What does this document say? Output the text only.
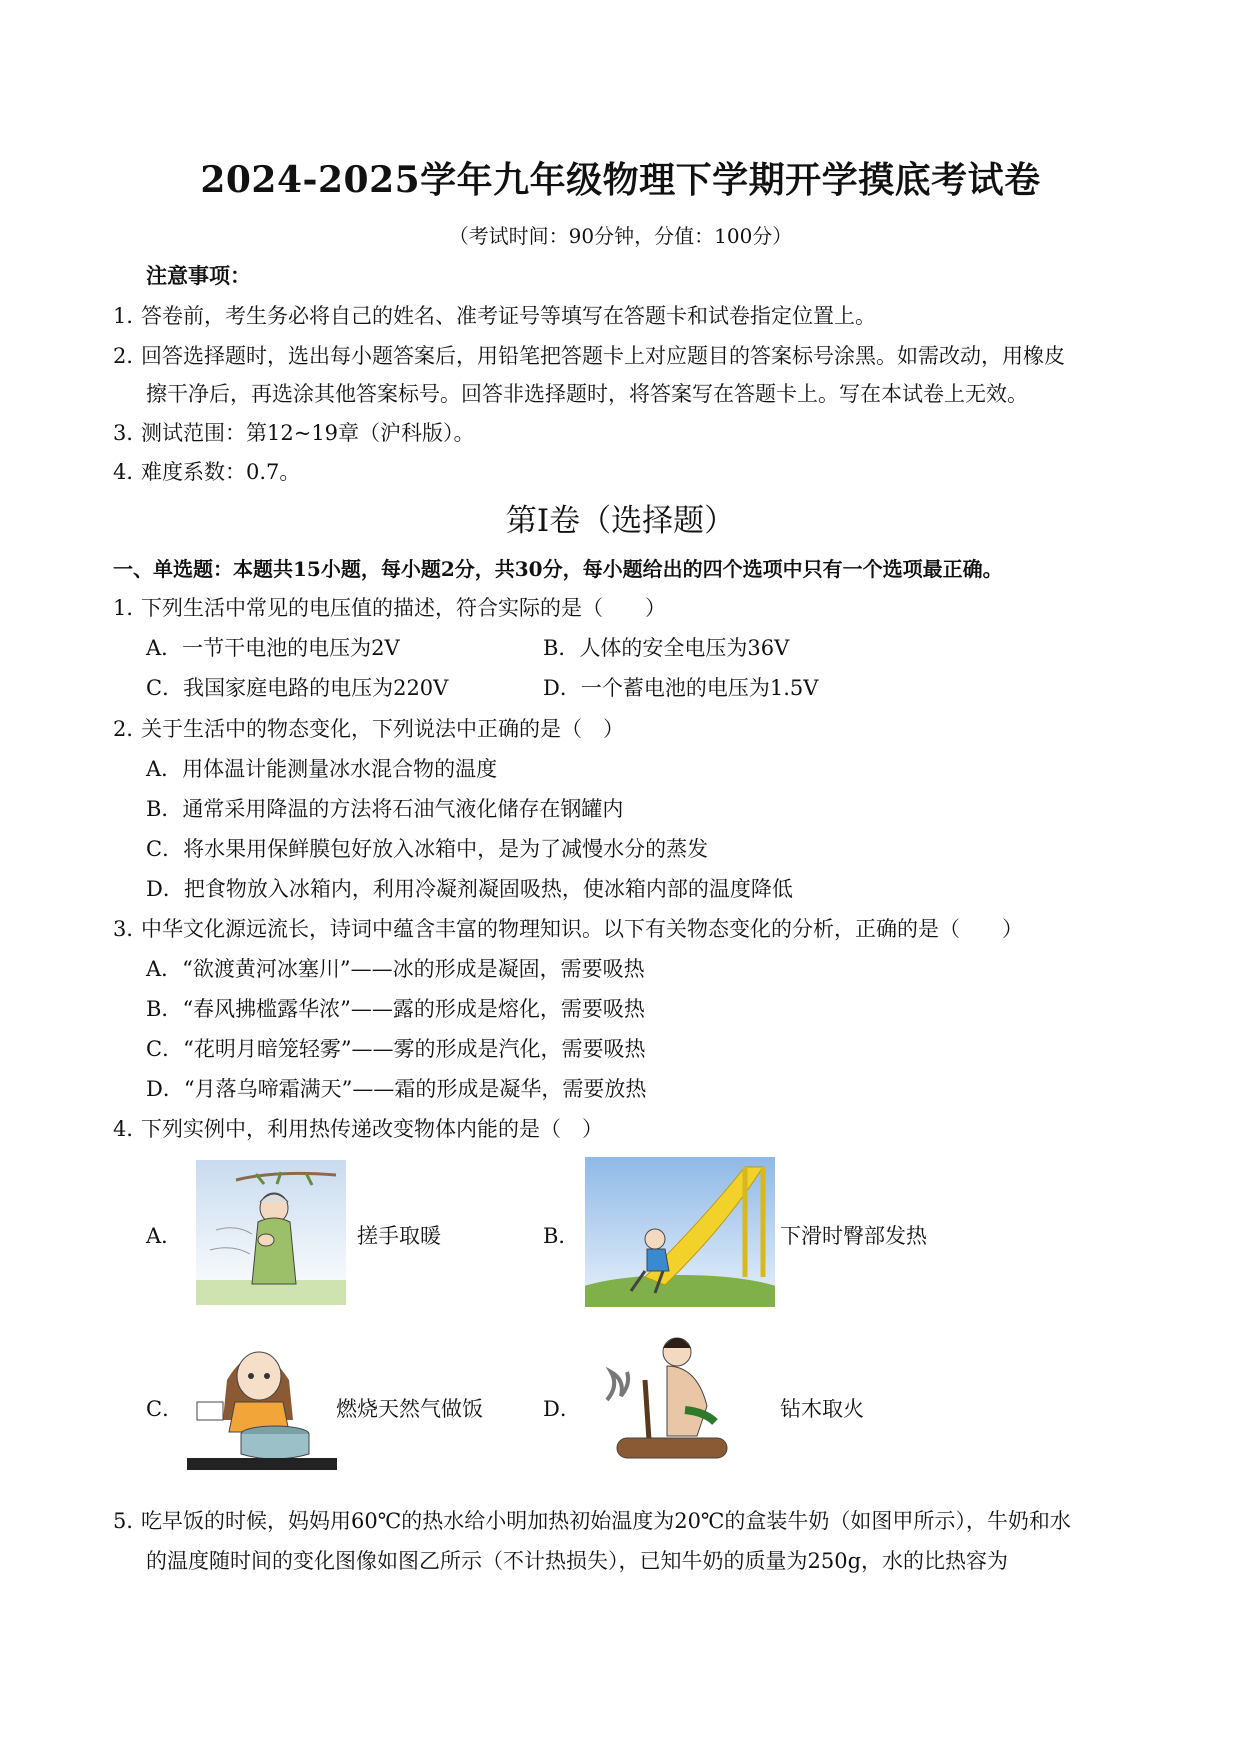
2024-2025学年九年级物理下学期开学摸底考试卷
（考试时间：90分钟，分值：100分）
注意事项：
1．答卷前，考生务必将自己的姓名、准考证号等填写在答题卡和试卷指定位置上。
2．回答选择题时，选出每小题答案后，用铅笔把答题卡上对应题目的答案标号涂黑。如需改动，用橡皮
擦干净后，再选涂其他答案标号。回答非选择题时，将答案写在答题卡上。写在本试卷上无效。
3．测试范围：第12~19章（沪科版）。
4．难度系数：0.7。
第Ⅰ卷（选择题）
一、单选题：本题共15小题，每小题2分，共30分，每小题给出的四个选项中只有一个选项最正确。
1．下列生活中常见的电压值的描述，符合实际的是（　　）
A．一节干电池的电压为2V	B．人体的安全电压为36V
C．我国家庭电路的电压为220V	D．一个蓄电池的电压为1.5V
2．关于生活中的物态变化，下列说法中正确的是（　）
A．用体温计能测量冰水混合物的温度
B．通常采用降温的方法将石油气液化储存在钢罐内
C．将水果用保鲜膜包好放入冰箱中，是为了减慢水分的蒸发
D．把食物放入冰箱内，利用冷凝剂凝固吸热，使冰箱内部的温度降低
3．中华文化源远流长，诗词中蕴含丰富的物理知识。以下有关物态变化的分析，正确的是（　　）
A．“欲渡黄河冰塞川”——冰的形成是凝固，需要吸热
B．“春风拂槛露华浓”——露的形成是熔化，需要吸热
C．“花明月暗笼轻雾”——雾的形成是汽化，需要吸热
D．“月落乌啼霜满天”——霜的形成是凝华，需要放热
4．下列实例中，利用热传递改变物体内能的是（　）
A．	搓手取暖	B．	下滑时臀部发热
C．	燃烧天然气做饭	D．	钻木取火
5．吃早饭的时候，妈妈用60℃的热水给小明加热初始温度为20℃的盒装牛奶（如图甲所示），牛奶和水
的温度随时间的变化图像如图乙所示（不计热损失），已知牛奶的质量为250g，水的比热容为
